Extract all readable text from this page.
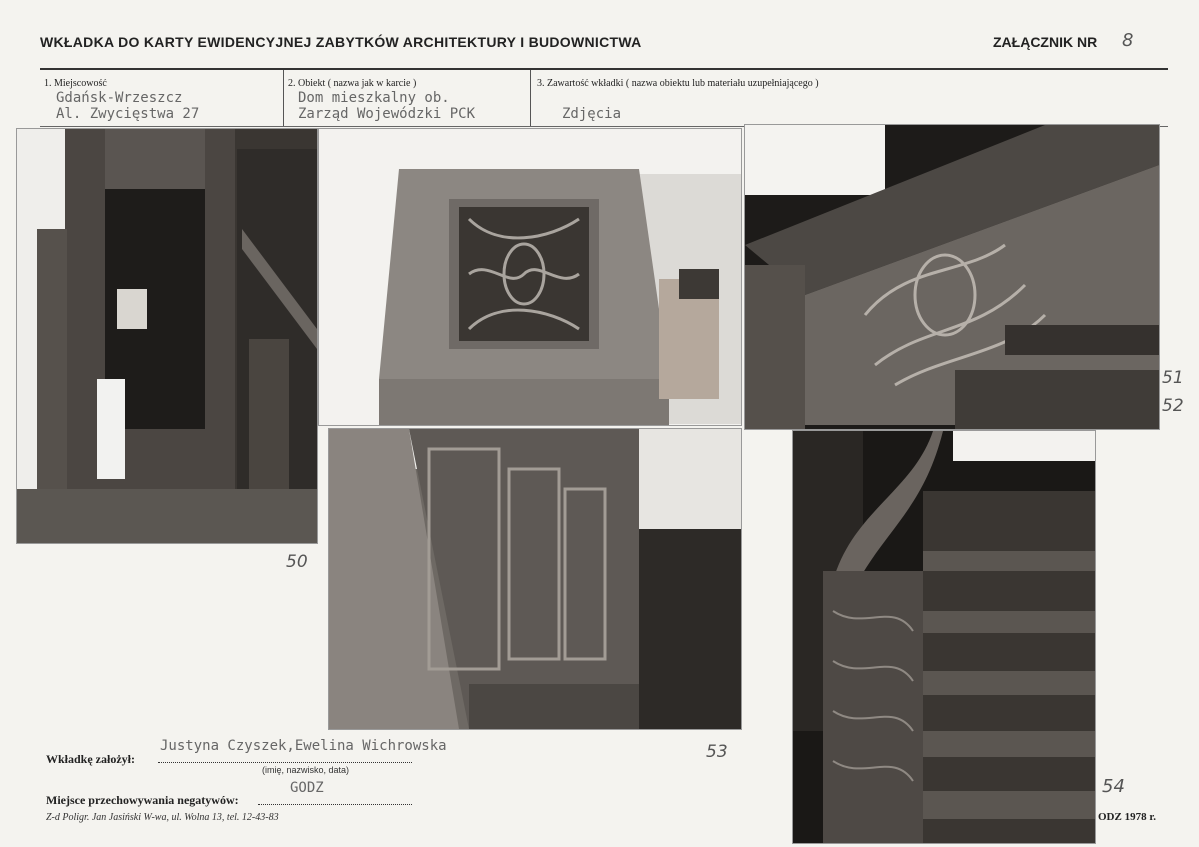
WKŁADKA DO KARTY EWIDENCYJNEJ ZABYTKÓW ARCHITEKTURY I BUDOWNICTWA	ZAŁĄCZNIK NR 8
1. Miejscowość
Gdańsk-Wrzeszcz
Al. Zwycięstwa 27
2. Obiekt ( nazwa jak w karcie )
Dom mieszkalny ob.
Zarząd Wojewódzki PCK
3. Zawartość wkładki ( nazwa obiektu lub materiału uzupełniającego )
Zdjęcia
50
51
52
53
54
Wkładkę założył:
Justyna Czyszek,Ewelina Wichrowska
(imię, nazwisko, data)
GODZ
Miejsce przechowywania negatywów:
Z-d Poligr. Jan Jasiński W-wa, ul. Wolna 13, tel. 12-43-83	ODZ 1978 r.
